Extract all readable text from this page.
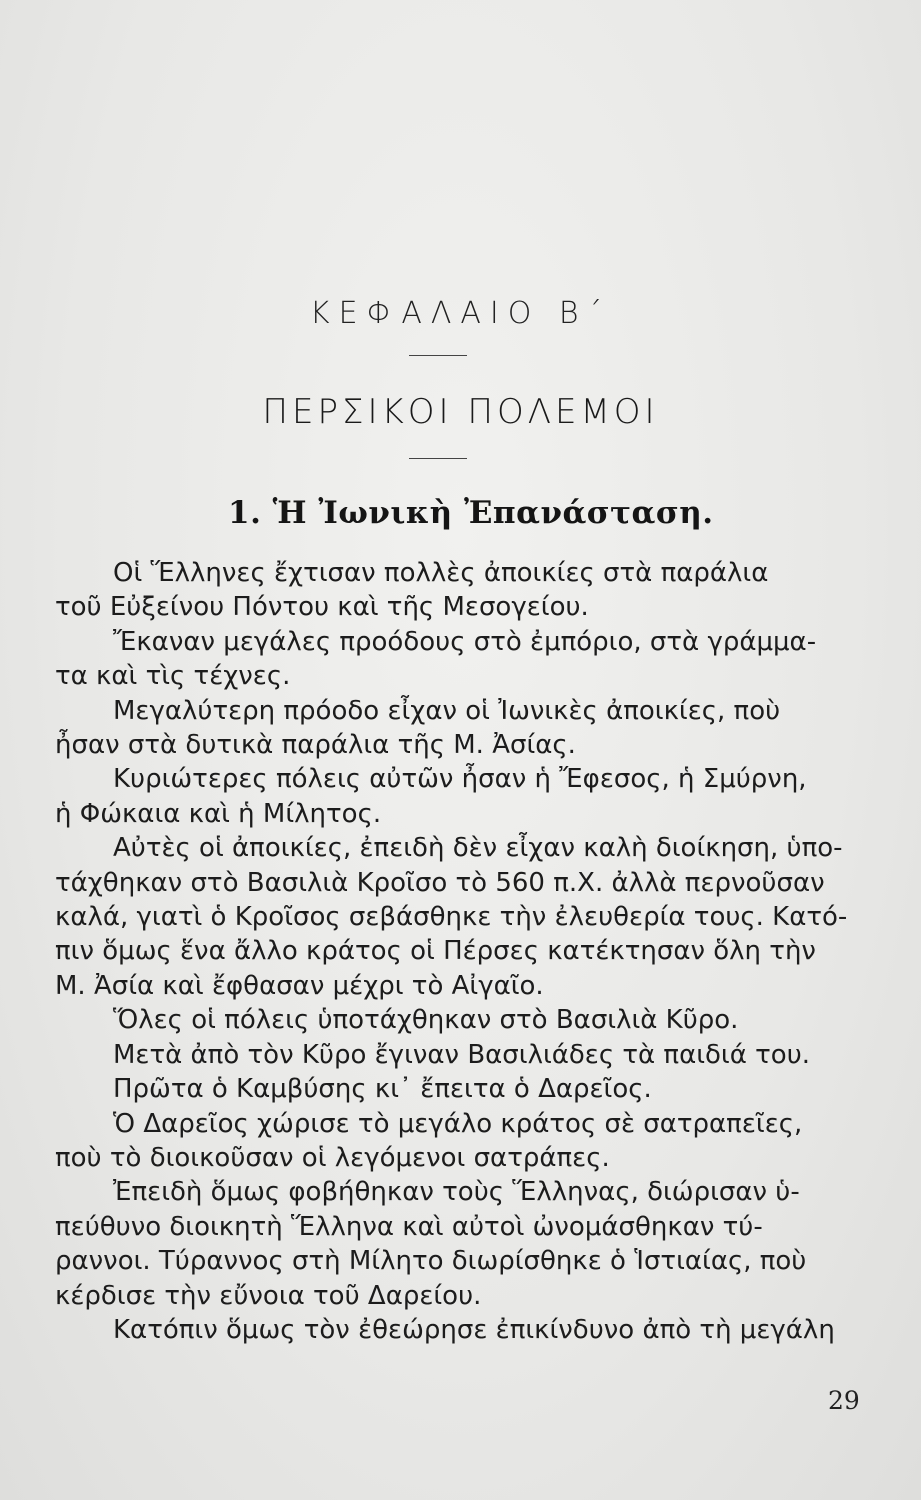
ΚΕΦΑΛΑΙΟ Β΄
ΠΕΡΣΙΚΟΙ ΠΟΛΕΜΟΙ
1. Ἡ Ἰωνικὴ Ἐπανάσταση.
Οἱ Ἕλληνες ἔχτισαν πολλὲς ἀποικίες στὰ παράλια
τοῦ Εὐξείνου Πόντου καὶ τῆς Μεσογείου.
Ἔκαναν μεγάλες προόδους στὸ ἐμπόριο, στὰ γράμμα-
τα καὶ τὶς τέχνες.
Μεγαλύτερη πρόοδο εἶχαν οἱ Ἰωνικὲς ἀποικίες, ποὺ
ἦσαν στὰ δυτικὰ παράλια τῆς Μ. Ἀσίας.
Κυριώτερες πόλεις αὐτῶν ἦσαν ἡ Ἔφεσος, ἡ Σμύρνη,
ἡ Φώκαια καὶ ἡ Μίλητος.
Αὐτὲς οἱ ἀποικίες, ἐπειδὴ δὲν εἶχαν καλὴ διοίκηση, ὑπο-
τάχθηκαν στὸ Βασιλιὰ Κροῖσο τὸ 560 π.Χ. ἀλλὰ περνοῦσαν
καλά, γιατὶ ὁ Κροῖσος σεβάσθηκε τὴν ἐλευθερία τους. Κατό-
πιν ὅμως ἕνα ἄλλο κράτος οἱ Πέρσες κατέκτησαν ὅλη τὴν
Μ. Ἀσία καὶ ἔφθασαν μέχρι τὸ Αἰγαῖο.
Ὅλες οἱ πόλεις ὑποτάχθηκαν στὸ Βασιλιὰ Κῦρο.
Μετὰ ἀπὸ τὸν Κῦρο ἔγιναν Βασιλιάδες τὰ παιδιά του.
Πρῶτα ὁ Καμβύσης κι᾽ ἔπειτα ὁ Δαρεῖος.
Ὁ Δαρεῖος χώρισε τὸ μεγάλο κράτος σὲ σατραπεῖες,
ποὺ τὸ διοικοῦσαν οἱ λεγόμενοι σατράπες.
Ἐπειδὴ ὅμως φοβήθηκαν τοὺς Ἕλληνας, διώρισαν ὑ-
πεύθυνο διοικητὴ Ἕλληνα καὶ αὐτοὶ ὠνομάσθηκαν τύ-
ραννοι. Τύραννος στὴ Μίλητο διωρίσθηκε ὁ Ἱστιαίας, ποὺ
κέρδισε τὴν εὔνοια τοῦ Δαρείου.
Κατόπιν ὅμως τὸν ἐθεώρησε ἐπικίνδυνο ἀπὸ τὴ μεγάλη
29
